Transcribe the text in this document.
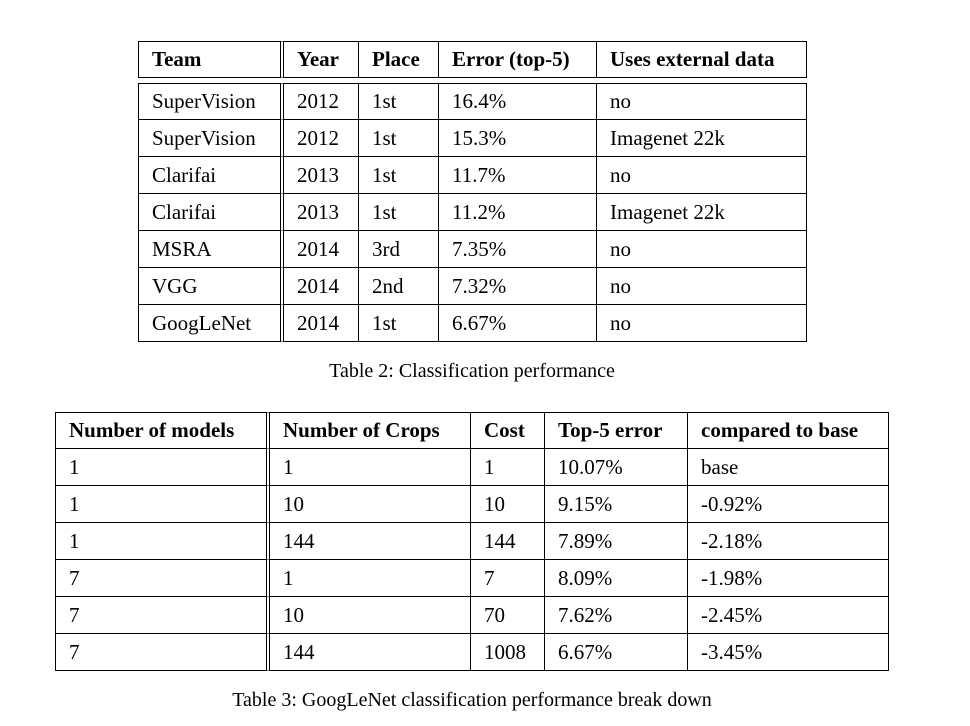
Team	Year	Place	Error (top-5)	Uses external data

SuperVision	2012	1st	16.4%	no
SuperVision	2012	1st	15.3%	Imagenet 22k
Clarifai	2013	1st	11.7%	no
Clarifai	2013	1st	11.2%	Imagenet 22k
MSRA	2014	3rd	7.35%	no
VGG	2014	2nd	7.32%	no
GoogLeNet	2014	1st	6.67%	no
Table 2: Classification performance
Number of models	Number of Crops	Cost	Top-5 error	compared to base
1	1	1	10.07%	base
1	10	10	9.15%	-0.92%
1	144	144	7.89%	-2.18%
7	1	7	8.09%	-1.98%
7	10	70	7.62%	-2.45%
7	144	1008	6.67%	-3.45%
Table 3: GoogLeNet classification performance break down
